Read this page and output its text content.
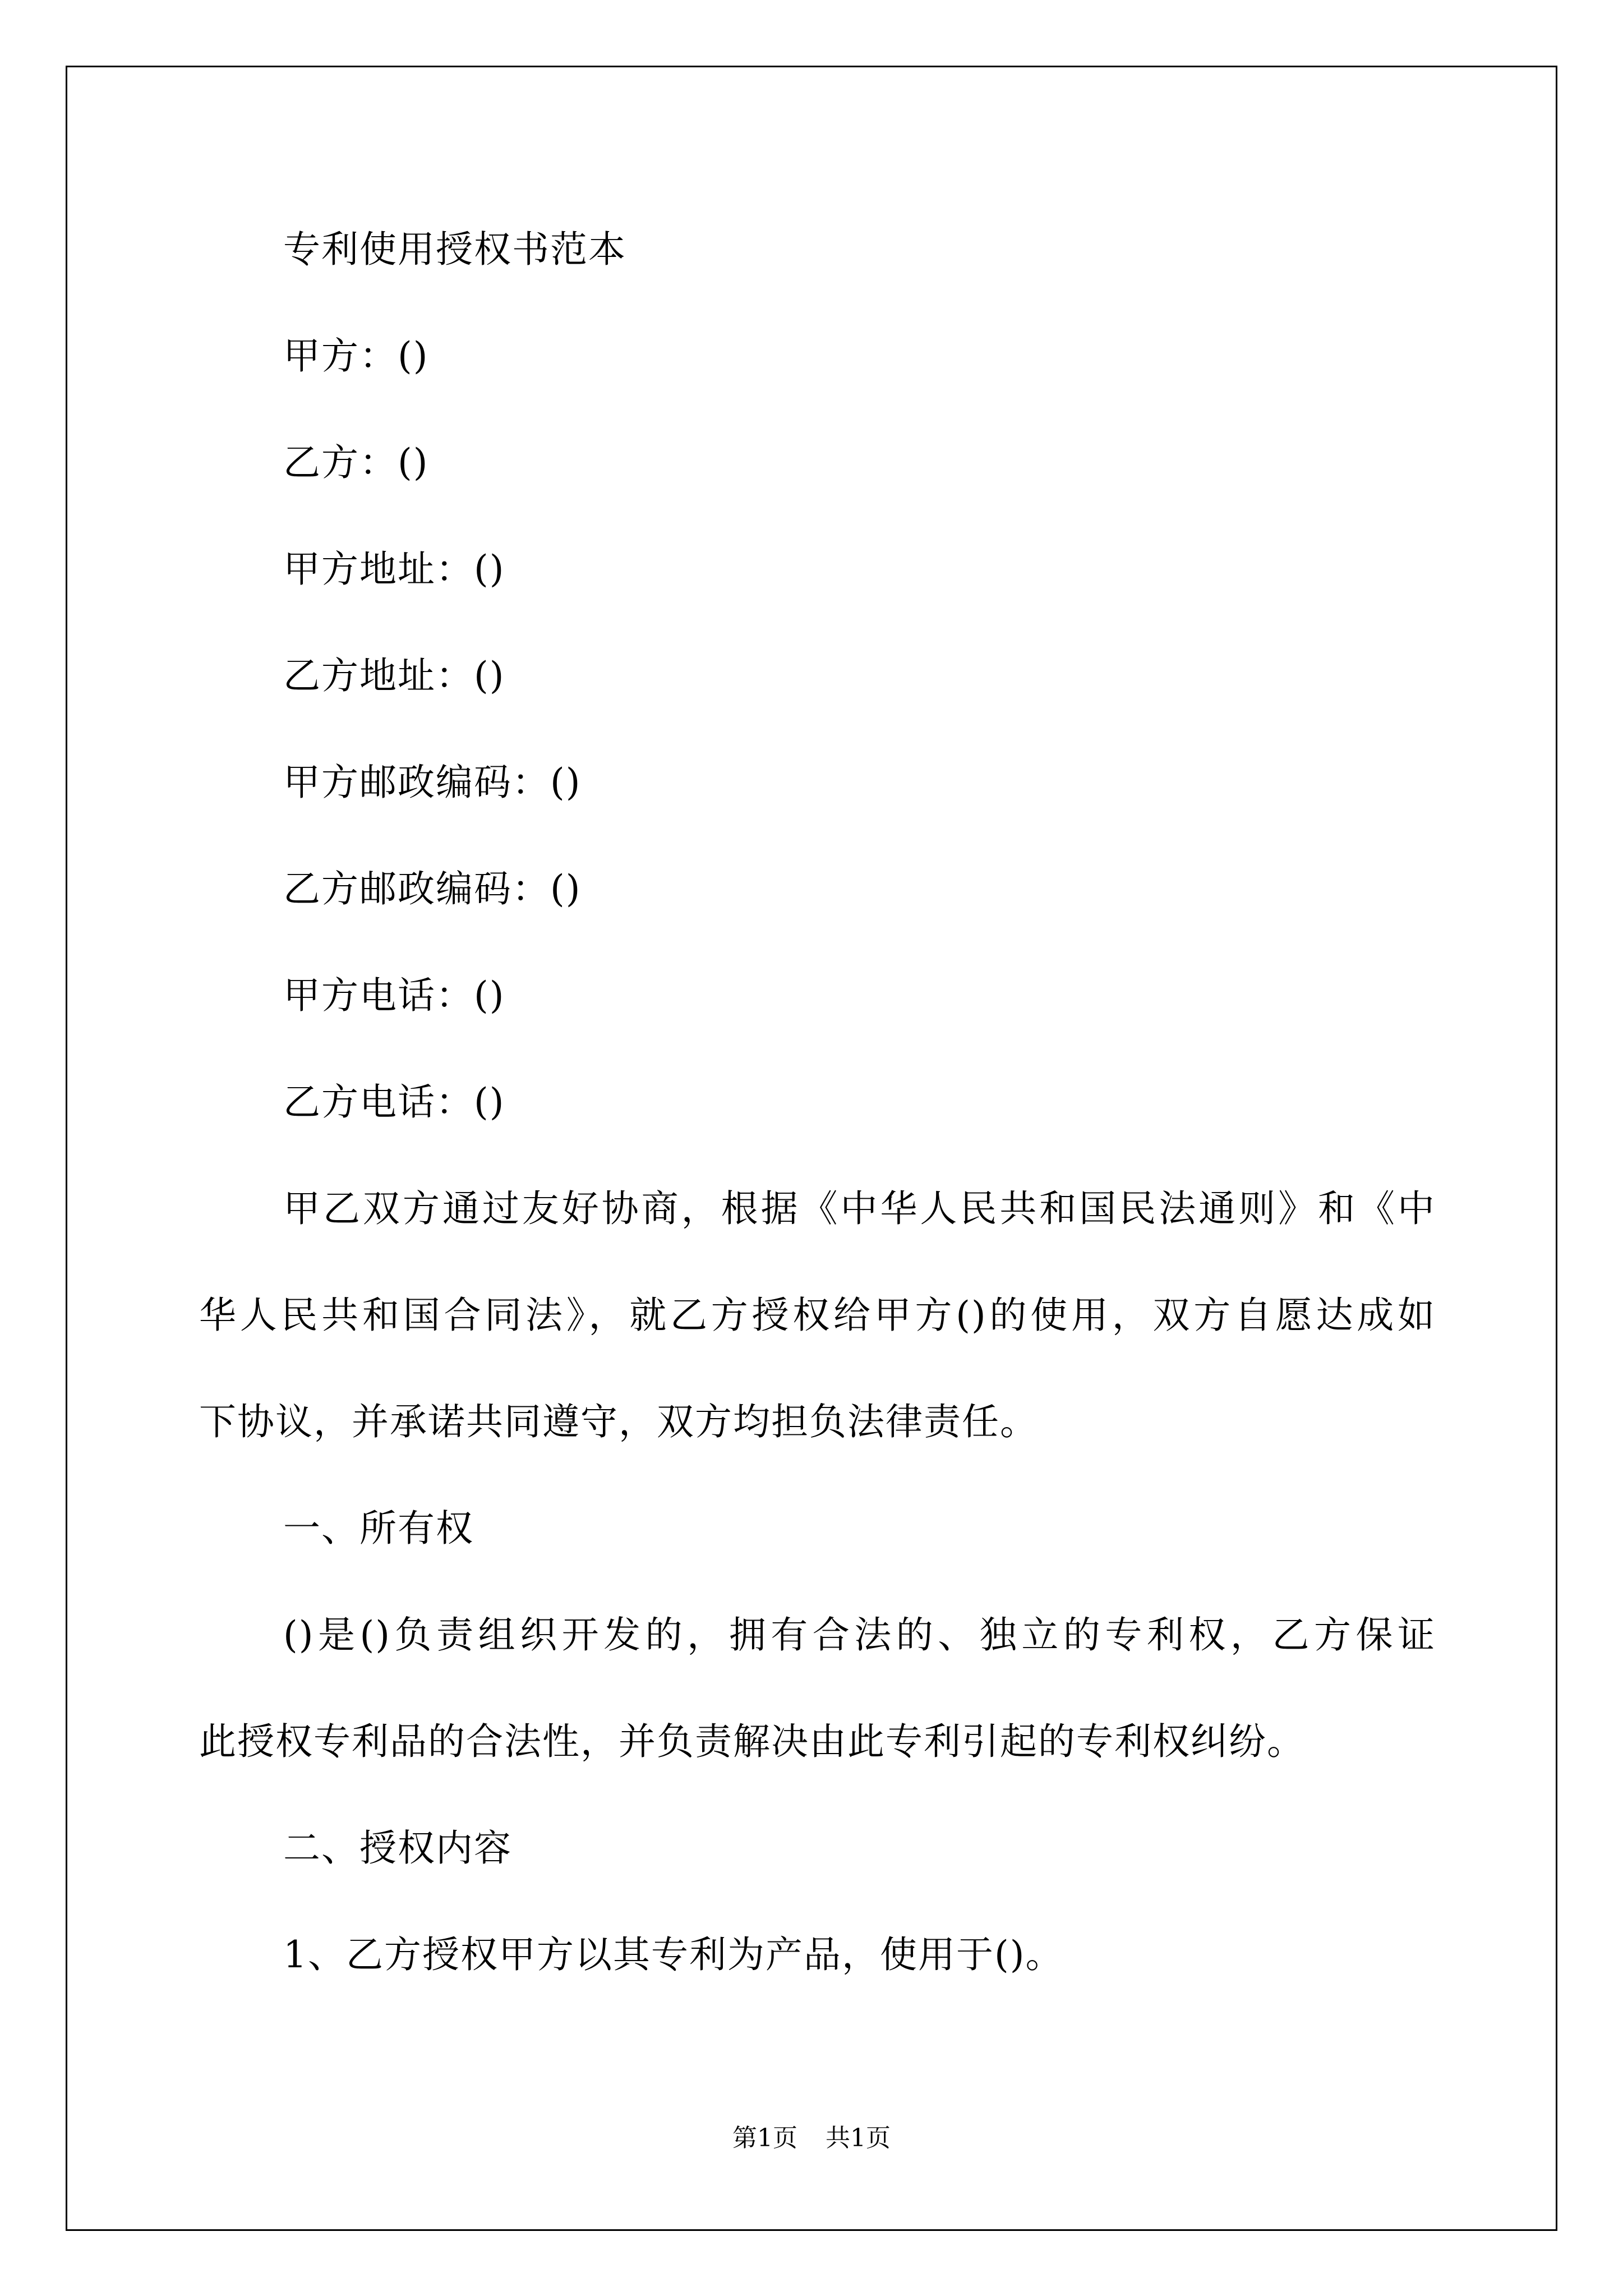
专利使用授权书范本
甲方：()
乙方：()
甲方地址：()
乙方地址：()
甲方邮政编码：()
乙方邮政编码：()
甲方电话：()
乙方电话：()
甲乙双方通过友好协商，根据《中华人民共和国民法通则》和《中
华人民共和国合同法》，就乙方授权给甲方()的使用，双方自愿达成如
下协议，并承诺共同遵守，双方均担负法律责任。
一、所有权
()是()负责组织开发的，拥有合法的、独立的专利权，乙方保证
此授权专利品的合法性，并负责解决由此专利引起的专利权纠纷。
二、授权内容
1、乙方授权甲方以其专利为产品，使用于()。
第1页 共1页
